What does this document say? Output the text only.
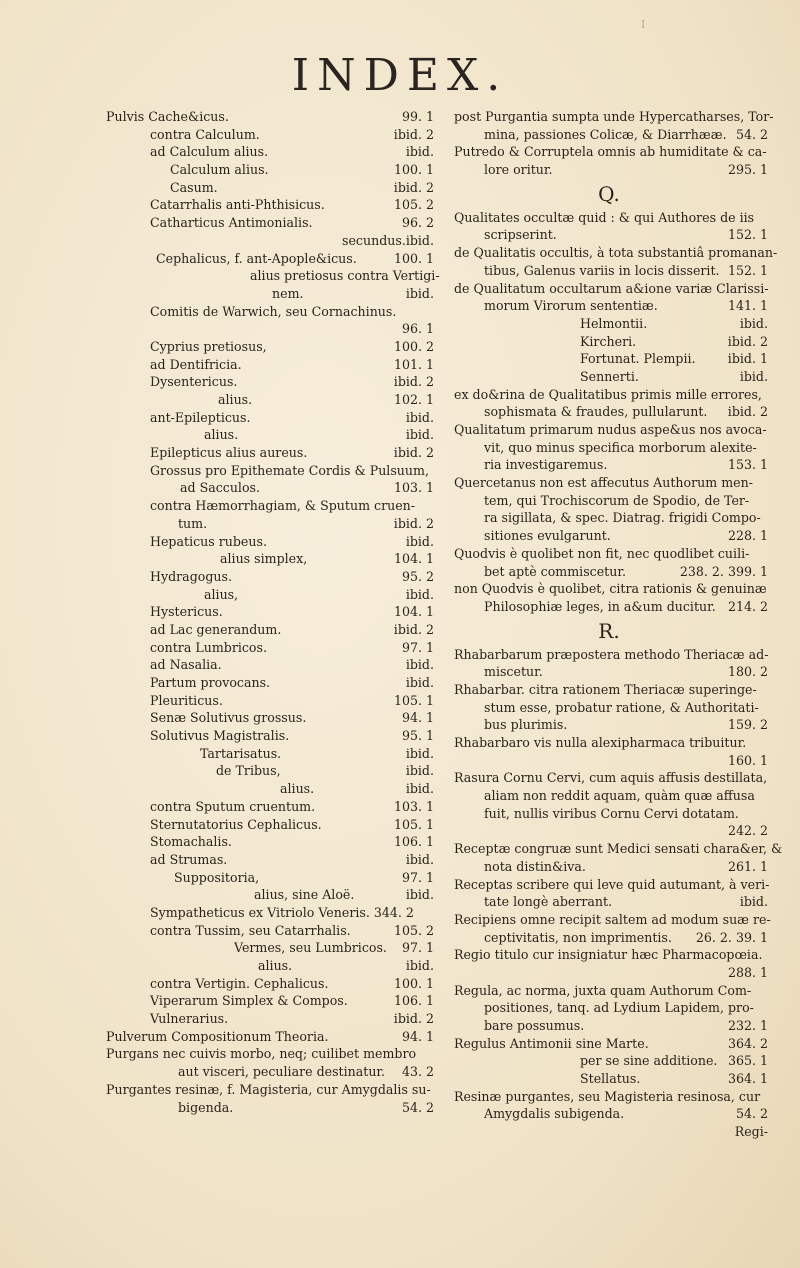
I
INDEX.
Pulvis Cache&icus.	99. 1
contra Calculum.	ibid. 2
ad Calculum alius.	ibid.
Calculum alius.	100. 1
Casum.	ibid. 2
Catarrhalis anti-Phthisicus.	105. 2
Catharticus Antimonialis.	96. 2
secundus. ibid.
Cephalicus, f. ant-Apople&icus.	100. 1
alius pretiosus contra Vertigi-
nem.	ibid.
Comitis de Warwich, seu Cornachinus.
96. 1
Cyprius pretiosus,	100. 2
ad Dentifricia.	101. 1
Dysentericus.	ibid. 2
alius.	102. 1
ant-Epilepticus.	ibid.
alius.	ibid.
Epilepticus alius aureus.	ibid. 2
Grossus pro Epithemate Cordis & Pulsuum,
ad Sacculos.	103. 1
contra Hæmorrhagiam, & Sputum cruen-
tum.	ibid. 2
Hepaticus rubeus.	ibid.
alius simplex,	104. 1
Hydragogus.	95. 2
alius,	ibid.
Hystericus.	104. 1
ad Lac generandum.	ibid. 2
contra Lumbricos.	97. 1
ad Nasalia.	ibid.
Partum provocans.	ibid.
Pleuriticus.	105. 1
Senæ Solutivus grossus.	94. 1
Solutivus Magistralis.	95. 1
Tartarisatus.	ibid.
de Tribus,	ibid.
alius.	ibid.
contra Sputum cruentum.	103. 1
Sternutatorius Cephalicus.	105. 1
Stomachalis.	106. 1
ad Strumas.	ibid.
Suppositoria,	97. 1
alius, sine Aloë.	ibid.
Sympatheticus ex Vitriolo Veneris. 344. 2
contra Tussim, seu Catarrhalis.	105. 2
Vermes, seu Lumbricos. 97. 1
alius.	ibid.
contra Vertigin. Cephalicus.	100. 1
Viperarum Simplex & Compos.	106. 1
Vulnerarius.	ibid. 2
Pulverum Compositionum Theoria.	94. 1
Purgans nec cuivis morbo, neq; cuilibet membro
aut visceri, peculiare destinatur. 43. 2
Purgantes resinæ, f. Magisteria, cur Amygdalis su-
bigenda.	54. 2
post Purgantia sumpta unde Hypercatharses, Tor-
mina, passiones Colicæ, & Diarrhææ. 54. 2
Putredo & Corruptela omnis ab humiditate & ca-
lore oritur.	295. 1
Q.
Qualitates occultæ quid : & qui Authores de iis
scripserint.	152. 1
de Qualitatis occultis, à tota substantiâ promanan-
tibus, Galenus variis in locis disserit. 152. 1
de Qualitatum occultarum a&ione variæ Clarissi-
morum Virorum sententiæ.	141. 1
Helmontii.	ibid.
Kircheri.	ibid. 2
Fortunat. Plempii.	ibid. 1
Sennerti.	ibid.
ex do&rina de Qualitatibus primis mille errores,
sophismata & fraudes, pullularunt. ibid. 2
Qualitatum primarum nudus aspe&us nos avoca-
vit, quo minus specifica morborum alexite-
ria investigaremus.	153. 1
Quercetanus non est affecutus Authorum men-
tem, qui Trochiscorum de Spodio, de Ter-
ra sigillata, & spec. Diatrag. frigidi Compo-
sitiones evulgarunt.	228. 1
Quodvis è quolibet non fit, nec quodlibet cuili-
bet aptè commiscetur.	238. 2. 399. 1
non Quodvis è quolibet, citra rationis & genuinæ
Philosophiæ leges, in a&um ducitur. 214. 2
R.
Rhabarbarum præpostera methodo Theriacæ ad-
miscetur.	180. 2
Rhabarbar. citra rationem Theriacæ superinge-
stum esse, probatur ratione, & Authoritati-
bus plurimis.	159. 2
Rhabarbaro vis nulla alexipharmaca tribuitur.
160. 1
Rasura Cornu Cervi, cum aquis affusis destillata,
aliam non reddit aquam, quàm quæ affusa
fuit, nullis viribus Cornu Cervi dotatam.
242. 2
Receptæ congruæ sunt Medici sensati chara&er, &
nota distin&iva.	261. 1
Receptas scribere qui leve quid autumant, à veri-
tate longè aberrant.	ibid.
Recipiens omne recipit saltem ad modum suæ re-
ceptivitatis, non imprimentis. 26. 2. 39. 1
Regio titulo cur insigniatur hæc Pharmacopœia.
288. 1
Regula, ac norma, juxta quam Authorum Com-
positiones, tanq. ad Lydium Lapidem, pro-
bare possumus.	232. 1
Regulus Antimonii sine Marte.	364. 2
per se sine additione. 365. 1
Stellatus.	364. 1
Resinæ purgantes, seu Magisteria resinosa, cur
Amygdalis subigenda.	54. 2
Regi-
